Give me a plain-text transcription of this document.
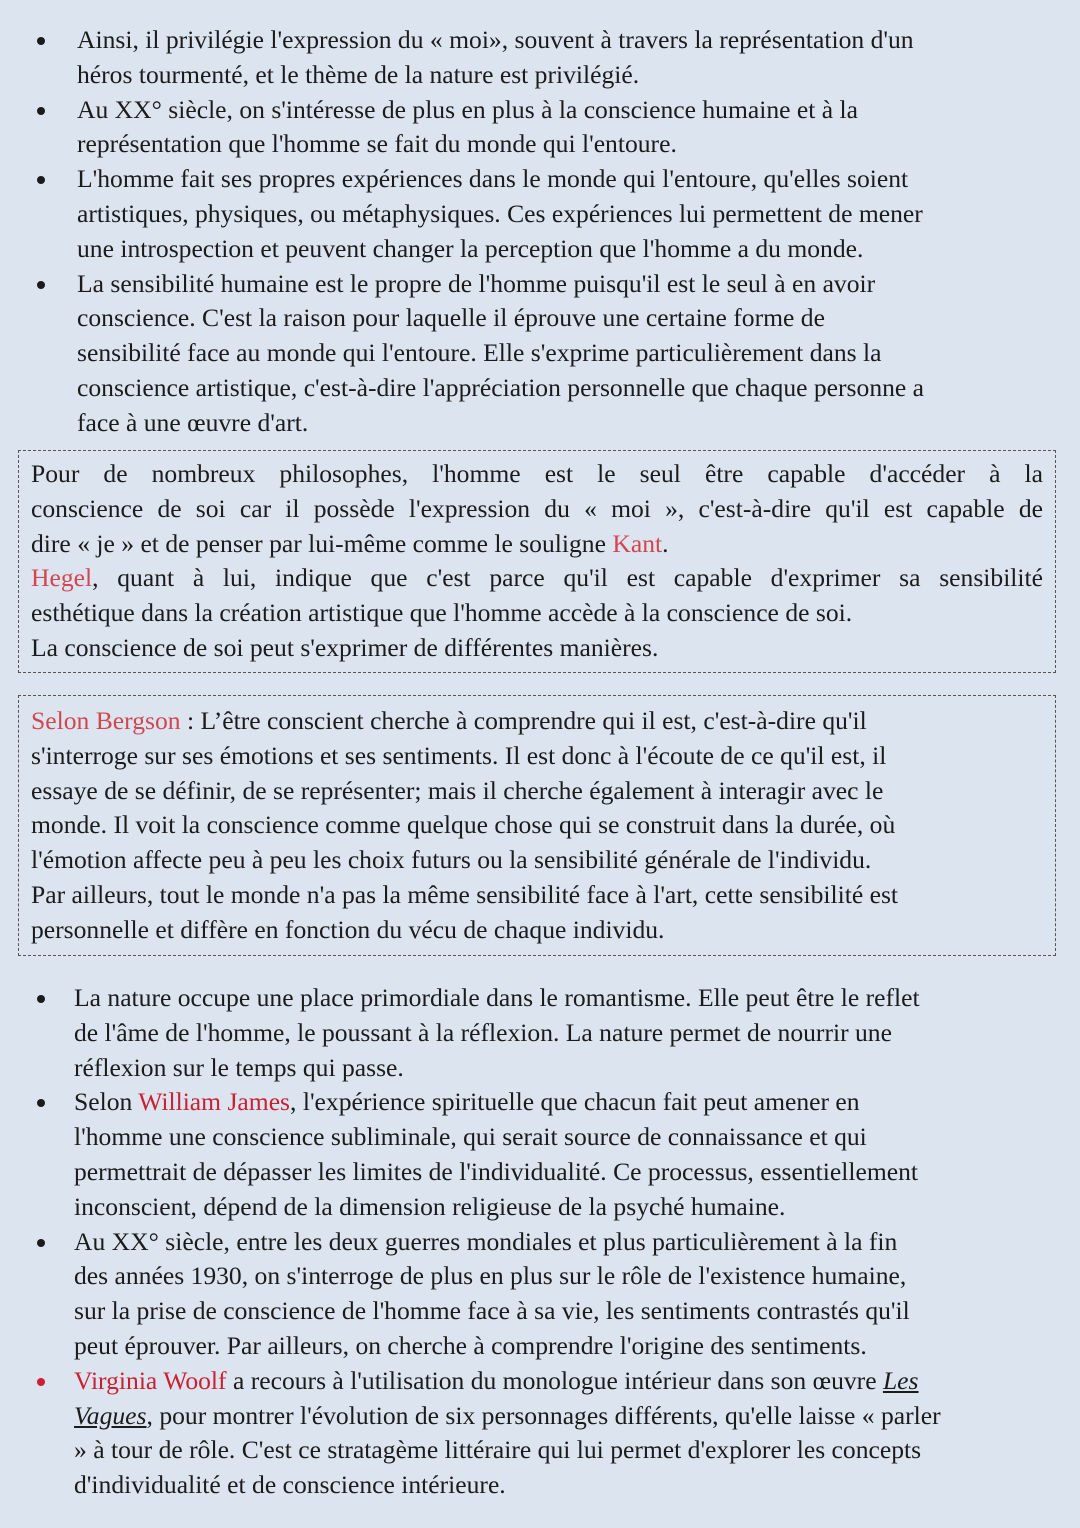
Ainsi, il privilégie l'expression du « moi», souvent à travers la représentation d'un
héros tourmenté, et le thème de la nature est privilégié.
Au XX° siècle, on s'intéresse de plus en plus à la conscience humaine et à la
représentation que l'homme se fait du monde qui l'entoure.
L'homme fait ses propres expériences dans le monde qui l'entoure, qu'elles soient
artistiques, physiques, ou métaphysiques. Ces expériences lui permettent de mener
une introspection et peuvent changer la perception que l'homme a du monde.
La sensibilité humaine est le propre de l'homme puisqu'il est le seul à en avoir
conscience. C'est la raison pour laquelle il éprouve une certaine forme de
sensibilité face au monde qui l'entoure. Elle s'exprime particulièrement dans la
conscience artistique, c'est-à-dire l'appréciation personnelle que chaque personne a
face à une œuvre d'art.
Pour de nombreux philosophes, l'homme est le seul être capable d'accéder à la
conscience de soi car il possède l'expression du « moi », c'est-à-dire qu'il est capable de
dire « je » et de penser par lui-même comme le souligne Kant.
Hegel, quant à lui, indique que c'est parce qu'il est capable d'exprimer sa sensibilité
esthétique dans la création artistique que l'homme accède à la conscience de soi.
La conscience de soi peut s'exprimer de différentes manières.
Selon Bergson : L’être conscient cherche à comprendre qui il est, c'est-à-dire qu'il
s'interroge sur ses émotions et ses sentiments. Il est donc à l'écoute de ce qu'il est, il
essaye de se définir, de se représenter; mais il cherche également à interagir avec le
monde. Il voit la conscience comme quelque chose qui se construit dans la durée, où
l'émotion affecte peu à peu les choix futurs ou la sensibilité générale de l'individu.
Par ailleurs, tout le monde n'a pas la même sensibilité face à l'art, cette sensibilité est
personnelle et diffère en fonction du vécu de chaque individu.
La nature occupe une place primordiale dans le romantisme. Elle peut être le reflet
de l'âme de l'homme, le poussant à la réflexion. La nature permet de nourrir une
réflexion sur le temps qui passe.
Selon William James, l'expérience spirituelle que chacun fait peut amener en
l'homme une conscience subliminale, qui serait source de connaissance et qui
permettrait de dépasser les limites de l'individualité. Ce processus, essentiellement
inconscient, dépend de la dimension religieuse de la psyché humaine.
Au XX° siècle, entre les deux guerres mondiales et plus particulièrement à la fin
des années 1930, on s'interroge de plus en plus sur le rôle de l'existence humaine,
sur la prise de conscience de l'homme face à sa vie, les sentiments contrastés qu'il
peut éprouver. Par ailleurs, on cherche à comprendre l'origine des sentiments.
Virginia Woolf a recours à l'utilisation du monologue intérieur dans son œuvre Les
Vagues, pour montrer l'évolution de six personnages différents, qu'elle laisse « parler
» à tour de rôle. C'est ce stratagème littéraire qui lui permet d'explorer les concepts
d'individualité et de conscience intérieure.
